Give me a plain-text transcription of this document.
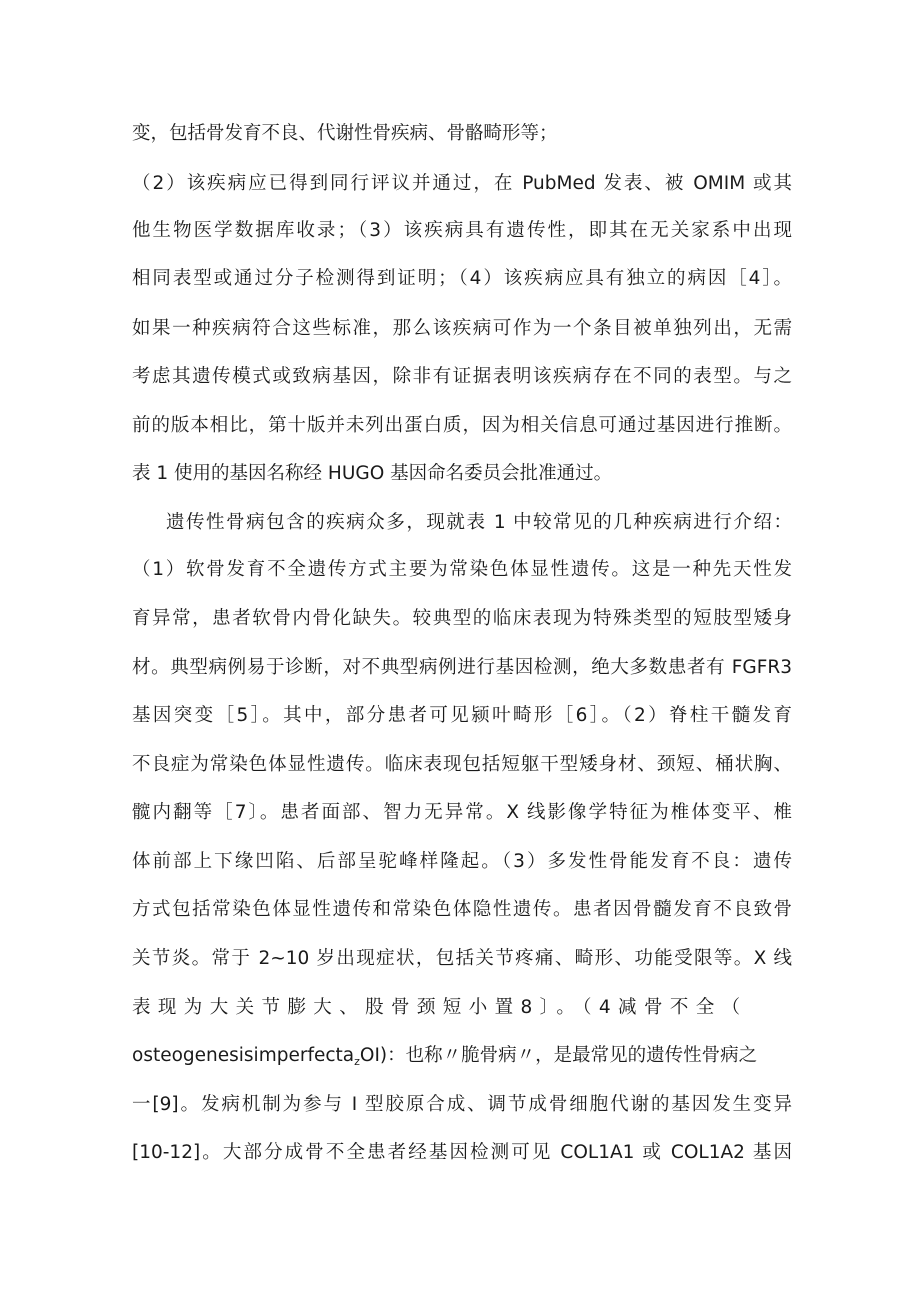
变，包括骨发育不良、代谢性骨疾病、骨骼畸形等；
（2）该疾病应已得到同行评议并通过，在 PubMed 发表、被 OMIM 或其
他生物医学数据库收录；（3）该疾病具有遗传性，即其在无关家系中出现
相同表型或通过分子检测得到证明；（4）该疾病应具有独立的病因［4］。
如果一种疾病符合这些标准，那么该疾病可作为一个条目被单独列出，无需
考虑其遗传模式或致病基因，除非有证据表明该疾病存在不同的表型。与之
前的版本相比，第十版并未列出蛋白质，因为相关信息可通过基因进行推断。
表 1 使用的基因名称经 HUGO 基因命名委员会批准通过。
遗传性骨病包含的疾病众多，现就表 1 中较常见的几种疾病进行介绍：
（1）软骨发育不全遗传方式主要为常染色体显性遗传。这是一种先天性发
育异常，患者软骨内骨化缺失。较典型的临床表现为特殊类型的短肢型矮身
材。典型病例易于诊断，对不典型病例进行基因检测，绝大多数患者有 FGFR3
基因突变［5］。其中，部分患者可见颍叶畸形［6］。（2）脊柱干髓发育
不良症为常染色体显性遗传。临床表现包括短躯干型矮身材、颈短、桶状胸、
髋内翻等［7〕。患者面部、智力无异常。X 线影像学特征为椎体变平、椎
体前部上下缘凹陷、后部呈驼峰样隆起。（3）多发性骨能发育不良：遗传
方式包括常染色体显性遗传和常染色体隐性遗传。患者因骨髓发育不良致骨
关节炎。常于 2~10 岁出现症状，包括关节疼痛、畸形、功能受限等。X 线
表现为大关节膨大、股骨颈短小置8〕。（4减骨不全（
osteogenesisimperfecta$_z$OI)：也称〃脆骨病〃，是最常见的遗传性骨病之
一[9]。发病机制为参与 I 型胶原合成、调节成骨细胞代谢的基因发生变异
[10-12]。大部分成骨不全患者经基因检测可见 COL1A1 或 COL1A2 基因
